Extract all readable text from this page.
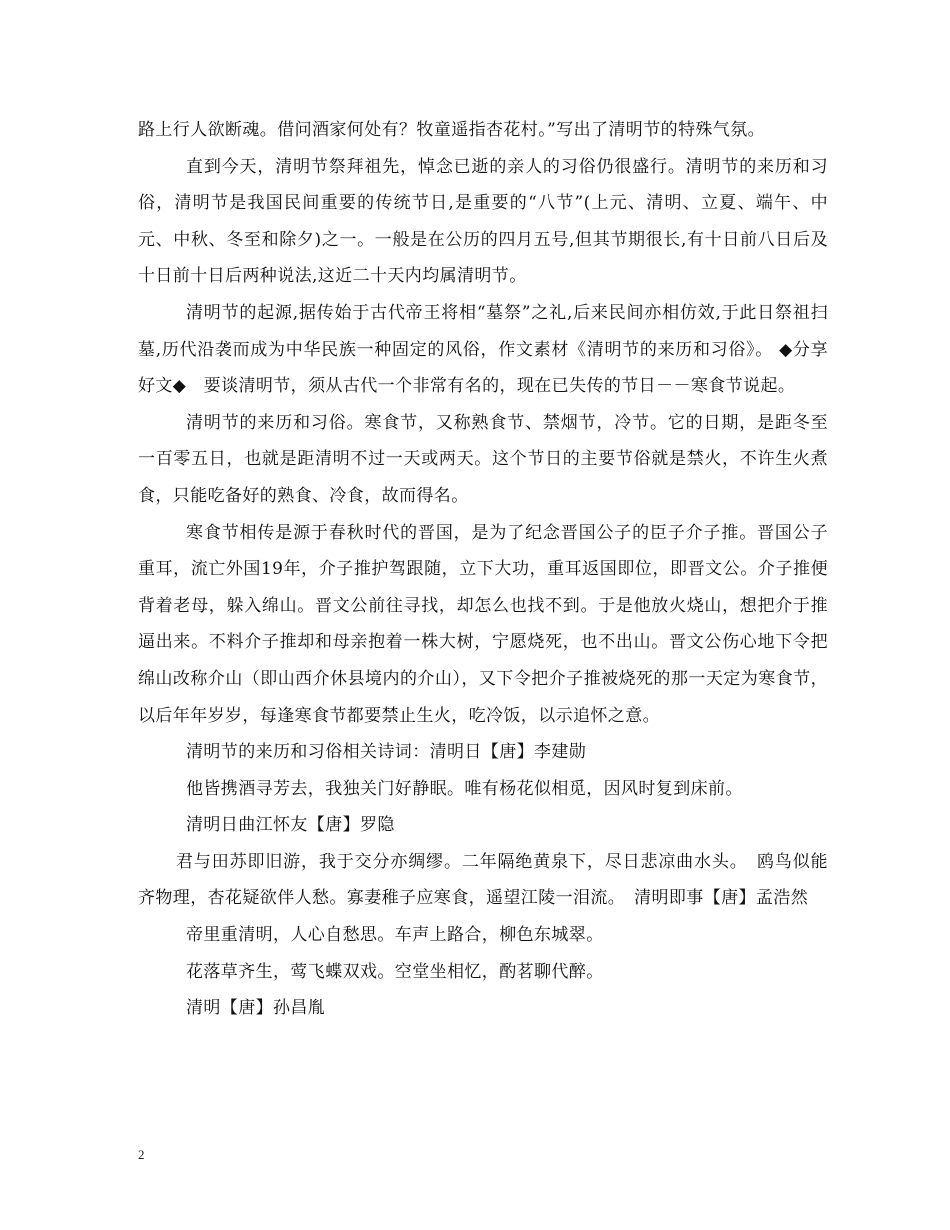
路上行人欲断魂。借问酒家何处有？牧童遥指杏花村。”写出了清明节的特殊气氛。

直到今天，清明节祭拜祖先，悼念已逝的亲人的习俗仍很盛行。清明节的来历和习俗，清明节是我国民间重要的传统节日,是重要的“八节”(上元、清明、立夏、端午、中元、中秋、冬至和除夕)之一。一般是在公历的四月五号,但其节期很长,有十日前八日后及十日前十日后两种说法,这近二十天内均属清明节。

清明节的起源,据传始于古代帝王将相“墓祭”之礼,后来民间亦相仿效,于此日祭祖扫墓,历代沿袭而成为中华民族一种固定的风俗，作文素材《清明节的来历和习俗》。 ◆分享好文◆　要谈清明节，须从古代一个非常有名的，现在已失传的节日－－寒食节说起。

清明节的来历和习俗。寒食节，又称熟食节、禁烟节，冷节。它的日期，是距冬至一百零五日，也就是距清明不过一天或两天。这个节日的主要节俗就是禁火，不许生火煮食，只能吃备好的熟食、冷食，故而得名。

寒食节相传是源于春秋时代的晋国，是为了纪念晋国公子的臣子介子推。晋国公子重耳，流亡外国19年，介子推护驾跟随，立下大功，重耳返国即位，即晋文公。介子推便背着老母，躲入绵山。晋文公前往寻找，却怎么也找不到。于是他放火烧山，想把介于推逼出来。不料介子推却和母亲抱着一株大树，宁愿烧死，也不出山。晋文公伤心地下令把绵山改称介山（即山西介休县境内的介山），又下令把介子推被烧死的那一天定为寒食节，以后年年岁岁，每逢寒食节都要禁止生火，吃冷饭，以示追怀之意。

清明节的来历和习俗相关诗词：清明日【唐】李建勋

他皆携酒寻芳去，我独关门好静眠。唯有杨花似相觅，因风时复到床前。

清明日曲江怀友【唐】罗隐

君与田苏即旧游，我于交分亦绸缪。二年隔绝黄泉下，尽日悲凉曲水头。　鸥鸟似能齐物理，杏花疑欲伴人愁。寡妻稚子应寒食，遥望江陵一泪流。　清明即事【唐】孟浩然

帝里重清明，人心自愁思。车声上路合，柳色东城翠。

花落草齐生，莺飞蝶双戏。空堂坐相忆，酌茗聊代醉。

清明【唐】孙昌胤

2
